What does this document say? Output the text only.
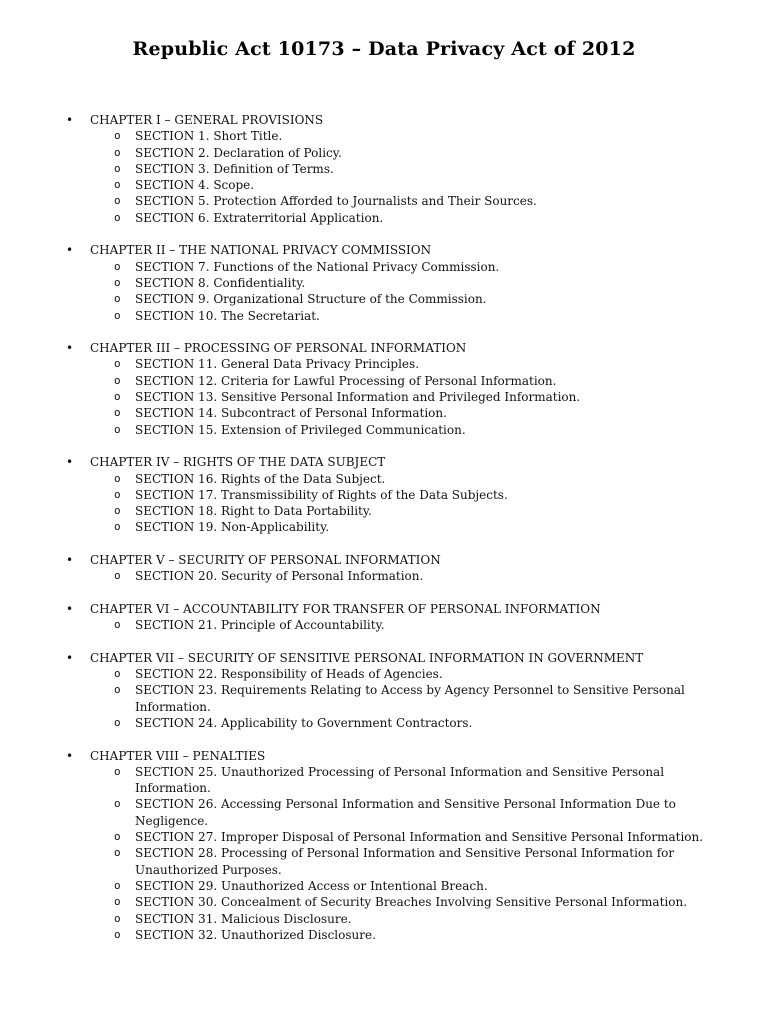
Republic Act 10173 – Data Privacy Act of 2012
• CHAPTER I – GENERAL PROVISIONS
o SECTION 1. Short Title.
o SECTION 2. Declaration of Policy.
o SECTION 3. Definition of Terms.
o SECTION 4. Scope.
o SECTION 5. Protection Afforded to Journalists and Their Sources.
o SECTION 6. Extraterritorial Application.
• CHAPTER II – THE NATIONAL PRIVACY COMMISSION
o SECTION 7. Functions of the National Privacy Commission.
o SECTION 8. Confidentiality.
o SECTION 9. Organizational Structure of the Commission.
o SECTION 10. The Secretariat.
• CHAPTER III – PROCESSING OF PERSONAL INFORMATION
o SECTION 11. General Data Privacy Principles.
o SECTION 12. Criteria for Lawful Processing of Personal Information.
o SECTION 13. Sensitive Personal Information and Privileged Information.
o SECTION 14. Subcontract of Personal Information.
o SECTION 15. Extension of Privileged Communication.
• CHAPTER IV – RIGHTS OF THE DATA SUBJECT
o SECTION 16. Rights of the Data Subject.
o SECTION 17. Transmissibility of Rights of the Data Subjects.
o SECTION 18. Right to Data Portability.
o SECTION 19. Non-Applicability.
• CHAPTER V – SECURITY OF PERSONAL INFORMATION
o SECTION 20. Security of Personal Information.
• CHAPTER VI – ACCOUNTABILITY FOR TRANSFER OF PERSONAL INFORMATION
o SECTION 21. Principle of Accountability.
• CHAPTER VII – SECURITY OF SENSITIVE PERSONAL INFORMATION IN GOVERNMENT
o SECTION 22. Responsibility of Heads of Agencies.
o SECTION 23. Requirements Relating to Access by Agency Personnel to Sensitive Personal Information.
o SECTION 24. Applicability to Government Contractors.
• CHAPTER VIII – PENALTIES
o SECTION 25. Unauthorized Processing of Personal Information and Sensitive Personal Information.
o SECTION 26. Accessing Personal Information and Sensitive Personal Information Due to Negligence.
o SECTION 27. Improper Disposal of Personal Information and Sensitive Personal Information.
o SECTION 28. Processing of Personal Information and Sensitive Personal Information for Unauthorized Purposes.
o SECTION 29. Unauthorized Access or Intentional Breach.
o SECTION 30. Concealment of Security Breaches Involving Sensitive Personal Information.
o SECTION 31. Malicious Disclosure.
o SECTION 32. Unauthorized Disclosure.
